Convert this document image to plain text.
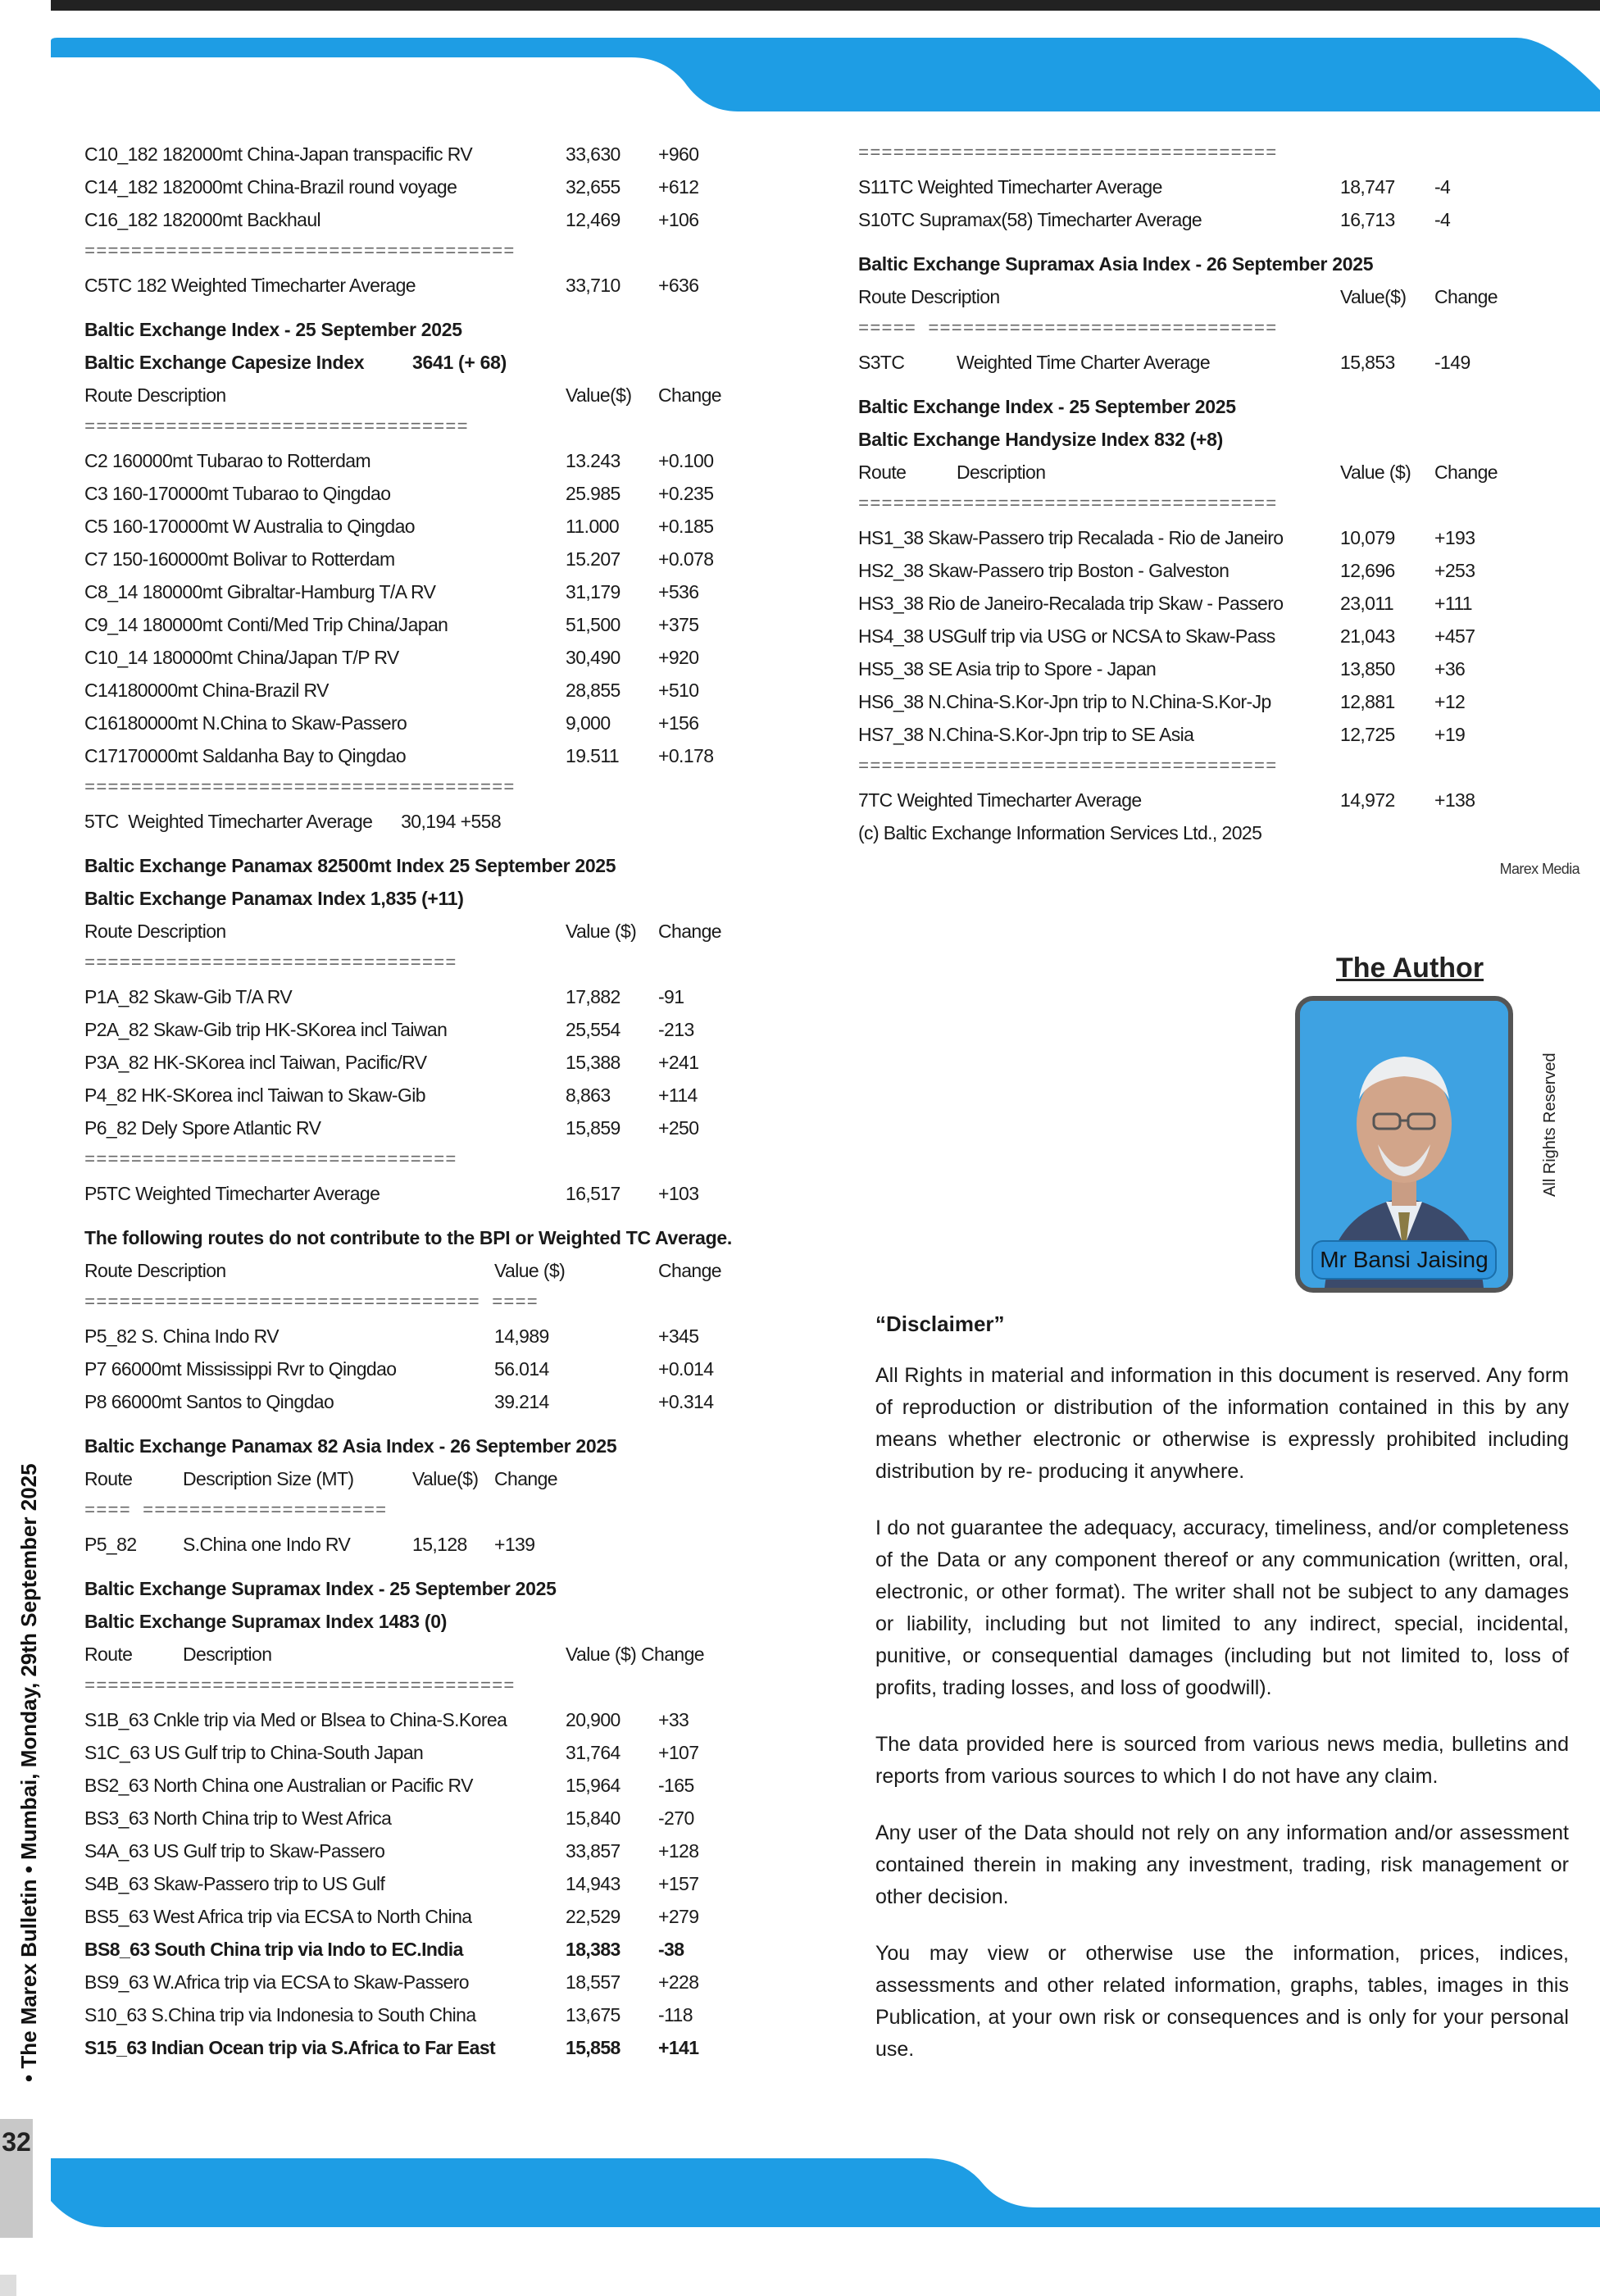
C10_182 182000mt China-Japan transpacific RV	33,630 +960
C14_182 182000mt China-Brazil round voyage	32,655 +612
C16_182 182000mt Backhaul	12,469 +106
=====================================
C5TC 182 Weighted Timecharter Average	33,710 +636
Baltic Exchange Index - 25 September 2025
Baltic Exchange Capesize Index	3641 (+ 68)
Route Description	Value($) Change
=================================
C2 160000mt Tubarao to Rotterdam	13.243 +0.100
C3 160-170000mt Tubarao to Qingdao	25.985 +0.235
C5 160-170000mt W Australia to Qingdao	11.000 +0.185
C7 150-160000mt Bolivar to Rotterdam	15.207 +0.078
C8_14 180000mt Gibraltar-Hamburg T/A RV	31,179 +536
C9_14 180000mt Conti/Med Trip China/Japan	51,500 +375
C10_14 180000mt China/Japan T/P RV	30,490 +920
C14180000mt China-Brazil RV	28,855 +510
C16180000mt N.China to Skaw-Passero	9,000	+156
C17170000mt Saldanha Bay to Qingdao	19.511 +0.178
=====================================
5TC  Weighted Timecharter Average      30,194 +558
Baltic Exchange Panamax 82500mt Index 25 September 2025
Baltic Exchange Panamax Index 1,835 (+11)
Route Description	Value ($) Change
================================
P1A_82 Skaw-Gib T/A RV	17,882 -91
P2A_82 Skaw-Gib trip HK-SKorea incl Taiwan	25,554 -213
P3A_82 HK-SKorea incl Taiwan, Pacific/RV	15,388 +241
P4_82 HK-SKorea incl Taiwan to Skaw-Gib	8,863	+114
P6_82 Dely Spore Atlantic RV	15,859 +250
================================
P5TC Weighted Timecharter Average	16,517 +103
The following routes do not contribute to the BPI or Weighted TC Average.
Route Description	Value ($)	Change
================================== ====
P5_82 S. China Indo RV	14,989	+345
P7 66000mt Mississippi Rvr to Qingdao	56.014	+0.014
P8 66000mt Santos to Qingdao	39.214	+0.314
Baltic Exchange Panamax 82 Asia Index - 26 September 2025
Route	Description Size (MT)	Value($) Change
==== =====================
P5_82 S.China one Indo RV	15,128 +139
Baltic Exchange Supramax Index - 25 September 2025
Baltic Exchange Supramax Index 1483 (0)
Route	Description	Value ($) Change
=====================================
S1B_63 Cnkle trip via Med or Blsea to China-S.Korea	20,900 +33
S1C_63 US Gulf trip to China-South Japan	31,764 +107
BS2_63 North China one Australian or Pacific RV	15,964 -165
BS3_63 North China trip to West Africa	15,840 -270
S4A_63 US Gulf trip to Skaw-Passero	33,857 +128
S4B_63 Skaw-Passero trip to US Gulf	14,943 +157
BS5_63 West Africa trip via ECSA to North China	22,529 +279
BS8_63 South China trip via Indo to EC.India	18,383 -38
BS9_63 W.Africa trip via ECSA to Skaw-Passero	18,557 +228
S10_63 S.China trip via Indonesia to South China	13,675 -118
S15_63 Indian Ocean trip via S.Africa to Far East	15,858 +141
====================================
S11TC Weighted Timecharter Average	18,747 -4
S10TC Supramax(58) Timecharter Average	16,713 -4
Baltic Exchange Supramax Asia Index - 26 September 2025
Route Description	Value($) Change
===== ==============================
S3TC	Weighted Time Charter Average	15,853 -149
Baltic Exchange Index - 25 September 2025
Baltic Exchange Handysize Index 832 (+8)
Route	Description	Value ($) Change
====================================
HS1_38 Skaw-Passero trip Recalada - Rio de Janeiro	10,079 +193
HS2_38 Skaw-Passero trip Boston - Galveston	12,696 +253
HS3_38 Rio de Janeiro-Recalada trip Skaw - Passero	23,011 +111
HS4_38 USGulf trip via USG or NCSA to Skaw-Pass	21,043 +457
HS5_38 SE Asia trip to Spore - Japan	13,850 +36
HS6_38 N.China-S.Kor-Jpn trip to N.China-S.Kor-Jp	12,881 +12
HS7_38 N.China-S.Kor-Jpn trip to SE Asia	12,725 +19
====================================
7TC Weighted Timecharter Average	14,972 +138
(c) Baltic Exchange Information Services Ltd., 2025
Marex Media
The Author
Mr Bansi Jaising
All Rights Reserved
“Disclaimer”

All Rights in material and information in this document is reserved. Any form of reproduction or distribution of the information contained in this by any means whether electronic or otherwise is expressly prohibited including distribution by re- producing it anywhere.

I do not guarantee the adequacy, accuracy, timeliness, and/or completeness of the Data or any component thereof or any communication (written, oral, electronic, or other format). The writer shall not be subject to any damages or liability, including but not limited to any indirect, special, incidental, punitive, or consequential damages (including but not limited to, loss of profits, trading losses, and loss of goodwill).

The data provided here is sourced from various news media, bulletins and reports from various sources to which I do not have any claim.

Any user of the Data should not rely on any information and/or assessment contained therein in making any investment, trading, risk management or other decision.

You may view or otherwise use the information, prices, indices, assessments and other related information, graphs, tables, images in this Publication, at your own risk or consequences and is only for your personal use.

• The Marex Bulletin • Mumbai, Monday, 29th September 2025
32
